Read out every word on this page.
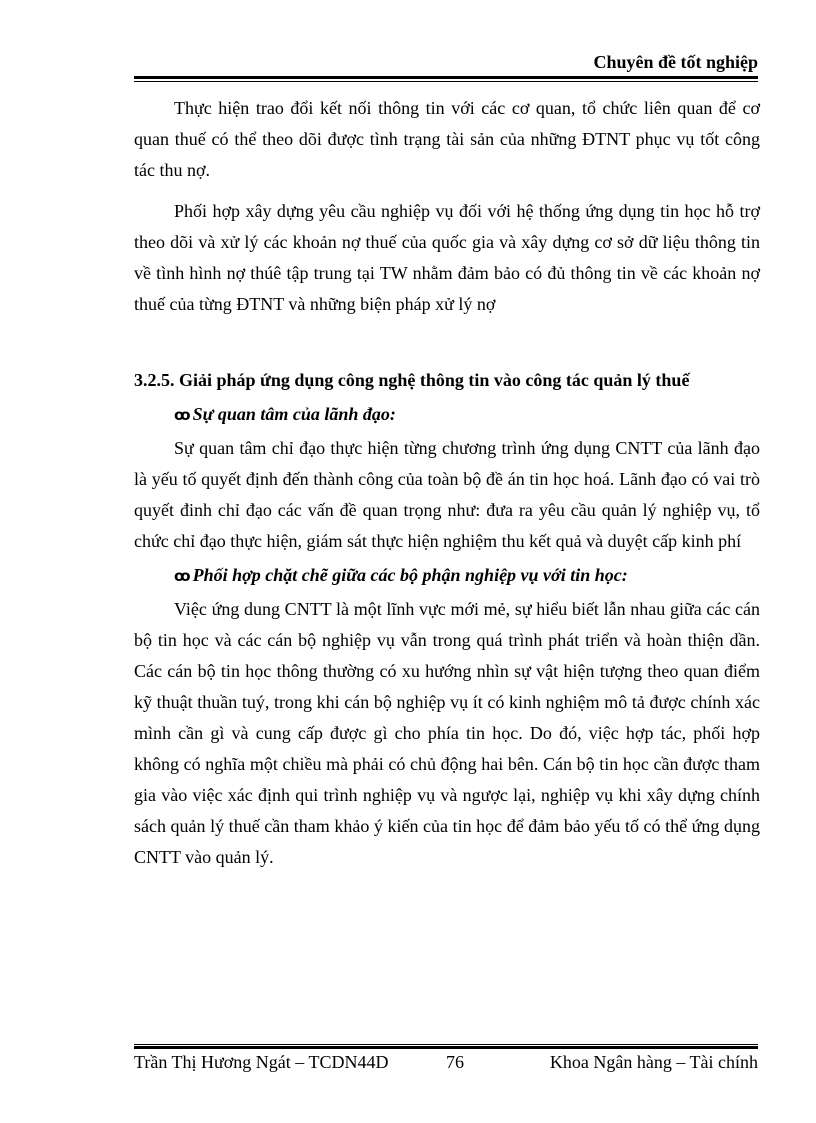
Chuyên đề tốt nghiệp

Thực hiện trao đổi kết nối thông tin với các cơ quan, tổ chức liên quan để cơ quan thuế có thể theo dõi được tình trạng tài sản của những ĐTNT phục vụ tốt công tác thu nợ.

Phối hợp xây dựng yêu cầu nghiệp vụ đối với hệ thống ứng dụng tin học hỗ trợ theo dõi và xử lý các khoản nợ thuế của quốc gia và xây dựng cơ sở dữ liệu thông tin về tình hình nợ thúê tập trung tại TW nhằm đảm bảo có đủ thông tin về các khoản nợ thuế của từng ĐTNT và những biện pháp xử lý nợ

3.2.5. Giải pháp ứng dụng công nghệ thông tin vào công tác quản lý thuế
ꝏ Sự quan tâm của lãnh đạo:

Sự quan tâm chỉ đạo thực hiện từng chương trình ứng dụng CNTT của lãnh đạo là yếu tố quyết định đến thành công của toàn bộ đề án tin học hoá. Lãnh đạo có vai trò quyết đinh chỉ đạo các vấn đề quan trọng như: đưa ra yêu cầu quản lý nghiệp vụ, tổ chức chỉ đạo thực hiện, giám sát thực hiện nghiệm thu kết quả và duyệt cấp kinh phí

ꝏ Phối hợp chặt chẽ giữa các bộ phận nghiệp vụ với tin học:

Việc ứng dung CNTT là một lĩnh vực mới mẻ, sự hiểu biết lẫn nhau giữa các cán bộ tin học và các cán bộ nghiệp vụ vẫn trong quá trình phát triển và hoàn thiện dần. Các cán bộ tin học thông thường có xu hướng nhìn sự vật hiện tượng theo quan điểm kỹ thuật thuần tuý, trong khi cán bộ nghiệp vụ ít có kinh nghiệm mô tả được chính xác mình cần gì và cung cấp được gì cho phía tin học. Do đó, việc hợp tác, phối hợp không có nghĩa một chiều mà phải có chủ động hai bên. Cán bộ tin học cần được tham gia vào việc xác định qui trình nghiệp vụ và ngược lại, nghiệp vụ khi xây dựng chính sách quản lý thuế cần tham khảo ý kiến của tin học để đảm bảo yếu tố có thể ứng dụng CNTT vào quản lý.

Trần Thị Hương Ngát – TCDN44D	76	Khoa Ngân hàng – Tài chính
